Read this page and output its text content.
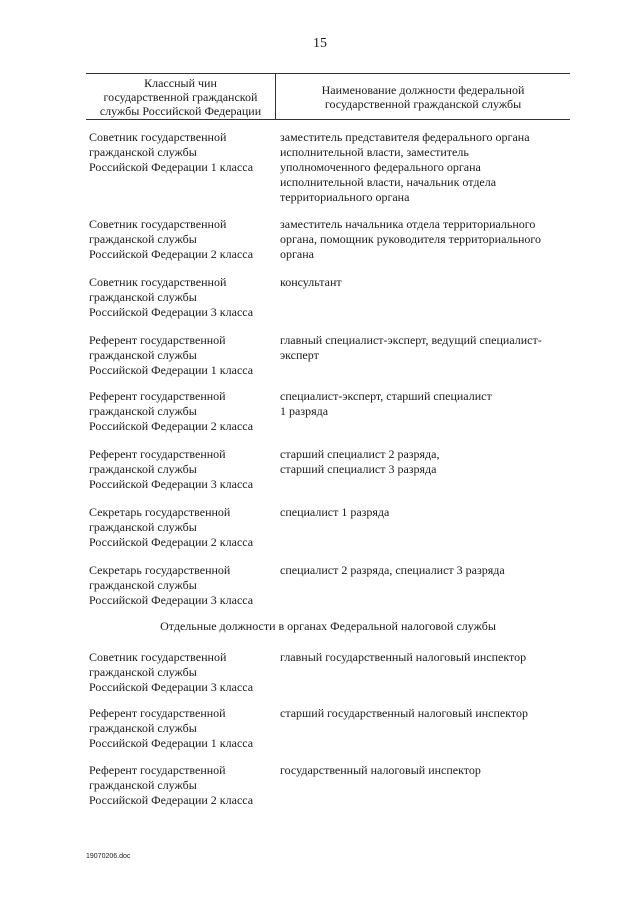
15
Классный чин
государственной гражданской
службы Российской Федерации
Наименование должности федеральной
государственной гражданской службы
Советник государственной
гражданской службы
Российской Федерации 1 класса
заместитель представителя федерального органа
исполнительной власти, заместитель
уполномоченного федерального органа
исполнительной власти, начальник отдела
территориального органа
Советник государственной
гражданской службы
Российской Федерации 2 класса
заместитель начальника отдела территориального
органа, помощник руководителя территориального
органа
Советник государственной
гражданской службы
Российской Федерации 3 класса
консультант
Референт государственной
гражданской службы
Российской Федерации 1 класса
главный специалист-эксперт, ведущий специалист-
эксперт
Референт государственной
гражданской службы
Российской Федерации 2 класса
специалист-эксперт, старший специалист
1 разряда
Референт государственной
гражданской службы
Российской Федерации 3 класса
старший специалист 2 разряда,
старший специалист 3 разряда
Секретарь государственной
гражданской службы
Российской Федерации 2 класса
специалист 1 разряда
Секретарь государственной
гражданской службы
Российской Федерации 3 класса
специалист 2 разряда, специалист 3 разряда
Отдельные должности в органах Федеральной налоговой службы
Советник государственной
гражданской службы
Российской Федерации 3 класса
главный государственный налоговый инспектор
Референт государственной
гражданской службы
Российской Федерации 1 класса
старший государственный налоговый инспектор
Референт государственной
гражданской службы
Российской Федерации 2 класса
государственный налоговый инспектор
19070206.doc
